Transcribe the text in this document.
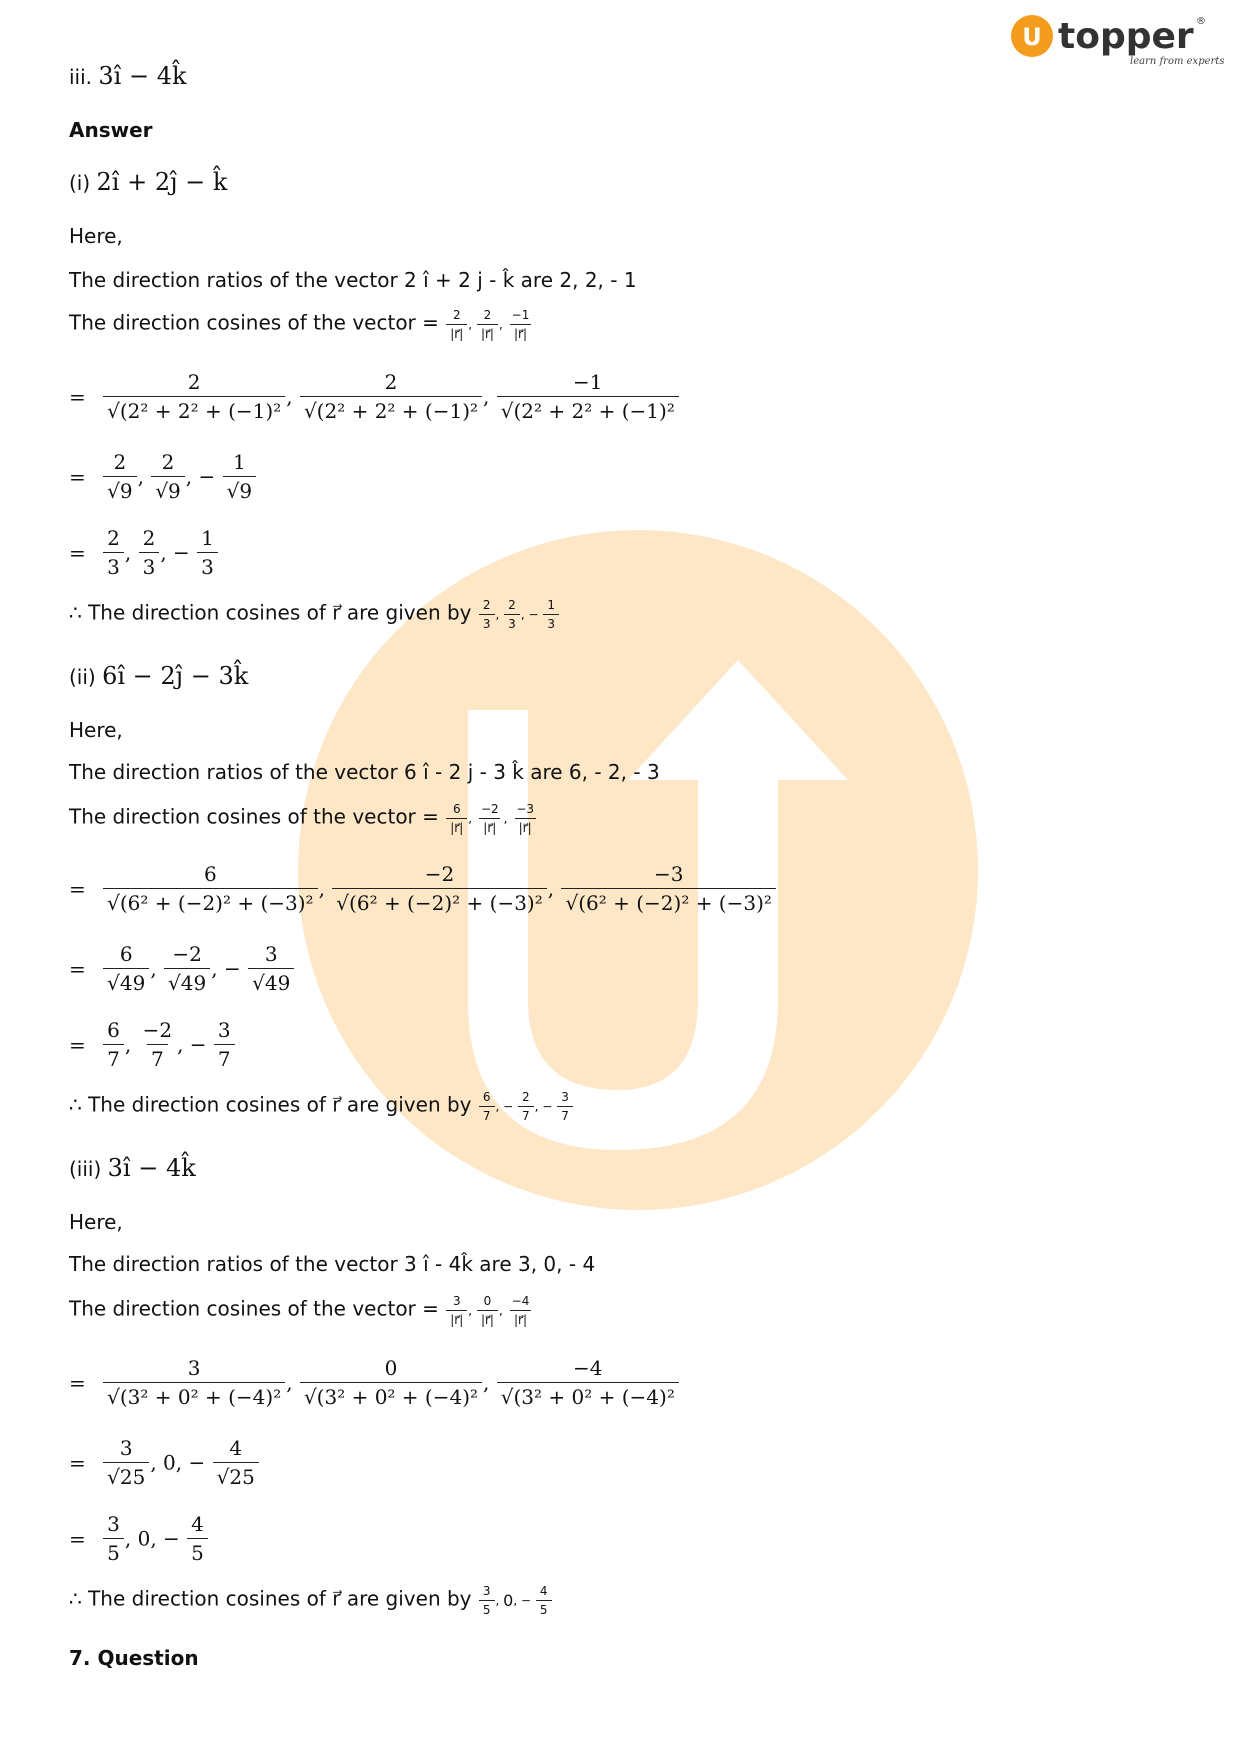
U topper ®
learn from experts
iii. 3î − 4k̂
Answer
(i) 2î + 2ĵ − k̂
Here,
The direction ratios of the vector 2 î + 2 j - k̂ are 2, 2, - 1
The direction cosines of the vector = $\frac{2}{|r⃗|}$ , $\frac{2}{|r⃗|}$ , $\frac{-1}{|r⃗|}$
= $\frac{2}{\text{√(2² + 2² + (−1)²}}$ , $\frac{2}{\text{√(2² + 2² + (−1)²}}$ , $\frac{-1}{\text{√(2² + 2² + (−1)²}}$
= $\frac{2}{√9}$ , $\frac{2}{√9}$ , − $\frac{1}{√9}$
= $\frac{2}{3}$ , $\frac{2}{3}$ , − $\frac{1}{3}$
∴ The direction cosines of r⃗ are given by $\frac{2}{3}$ , $\frac{2}{3}$ , − $\frac{1}{3}$
(ii) 6î − 2ĵ − 3k̂
Here,
The direction ratios of the vector 6 î - 2 j - 3 k̂ are 6, - 2, - 3
The direction cosines of the vector = $\frac{6}{|r⃗|}$ , $\frac{-2}{|r⃗|}$ , $\frac{-3}{|r⃗|}$
= $\frac{6}{\text{√(6² + (−2)² + (−3)²}}$ , $\frac{-2}{\text{√(6² + (−2)² + (−3)²}}$ , $\frac{-3}{\text{√(6² + (−2)² + (−3)²}}$
= $\frac{6}{√49}$ , $\frac{-2}{√49}$ , − $\frac{3}{√49}$
= $\frac{6}{7}$ , $\frac{-2}{7}$ , − $\frac{3}{7}$
∴ The direction cosines of r⃗ are given by $\frac{6}{7}$ , − $\frac{2}{7}$ , − $\frac{3}{7}$
(iii) 3î − 4k̂
Here,
The direction ratios of the vector 3 î - 4k̂ are 3, 0, - 4
The direction cosines of the vector = $\frac{3}{|r⃗|}$ , $\frac{0}{|r⃗|}$ , $\frac{-4}{|r⃗|}$
= $\frac{3}{\text{√(3² + 0² + (−4)²}}$ , $\frac{0}{\text{√(3² + 0² + (−4)²}}$ , $\frac{-4}{\text{√(3² + 0² + (−4)²}}$
= $\frac{3}{√25}$ , 0, − $\frac{4}{√25}$
= $\frac{3}{5}$ , 0, − $\frac{4}{5}$
∴ The direction cosines of r⃗ are given by $\frac{3}{5}$ , 0, − $\frac{4}{5}$
7. Question
